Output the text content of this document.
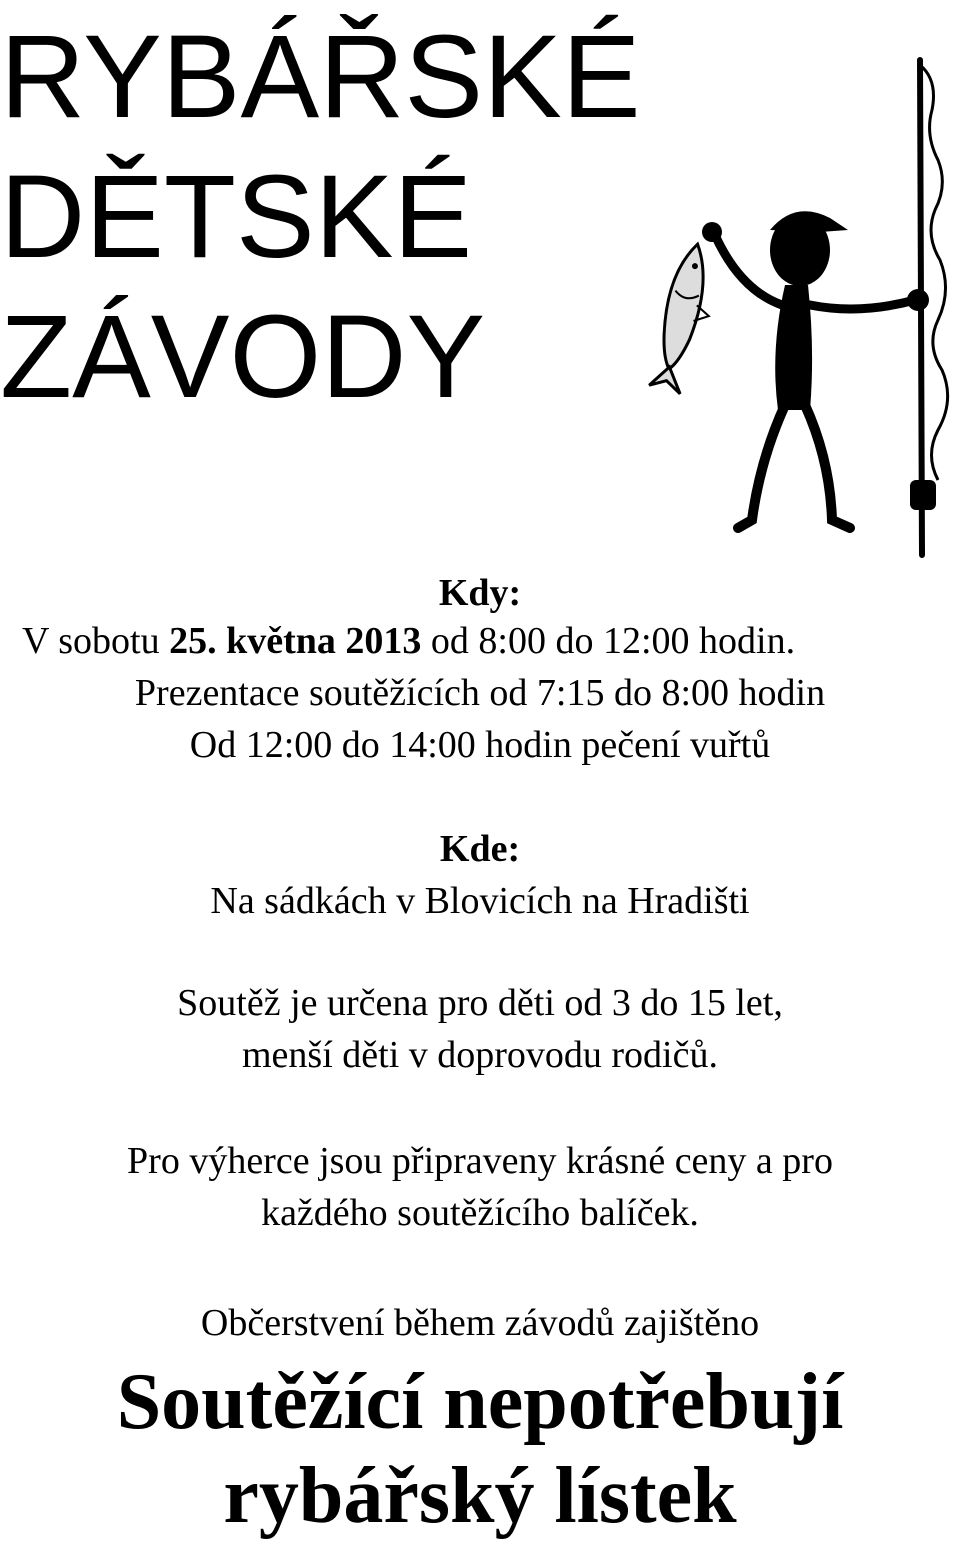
RYBÁŘSKÉ
DĚTSKÉ
ZÁVODY

Kdy:

V sobotu 25. května 2013 od 8:00 do 12:00 hodin.

Prezentace soutěžících od 7:15 do 8:00 hodin

Od 12:00 do 14:00 hodin pečení vuřtů

Kde:

Na sádkách v Blovicích na Hradišti

Soutěž je určena pro děti od 3 do 15 let,

menší děti v doprovodu rodičů.

Pro výherce jsou připraveny krásné ceny a pro

každého soutěžícího balíček.

Občerstvení během závodů zajištěno

Soutěžící nepotřebují

rybářský lístek
